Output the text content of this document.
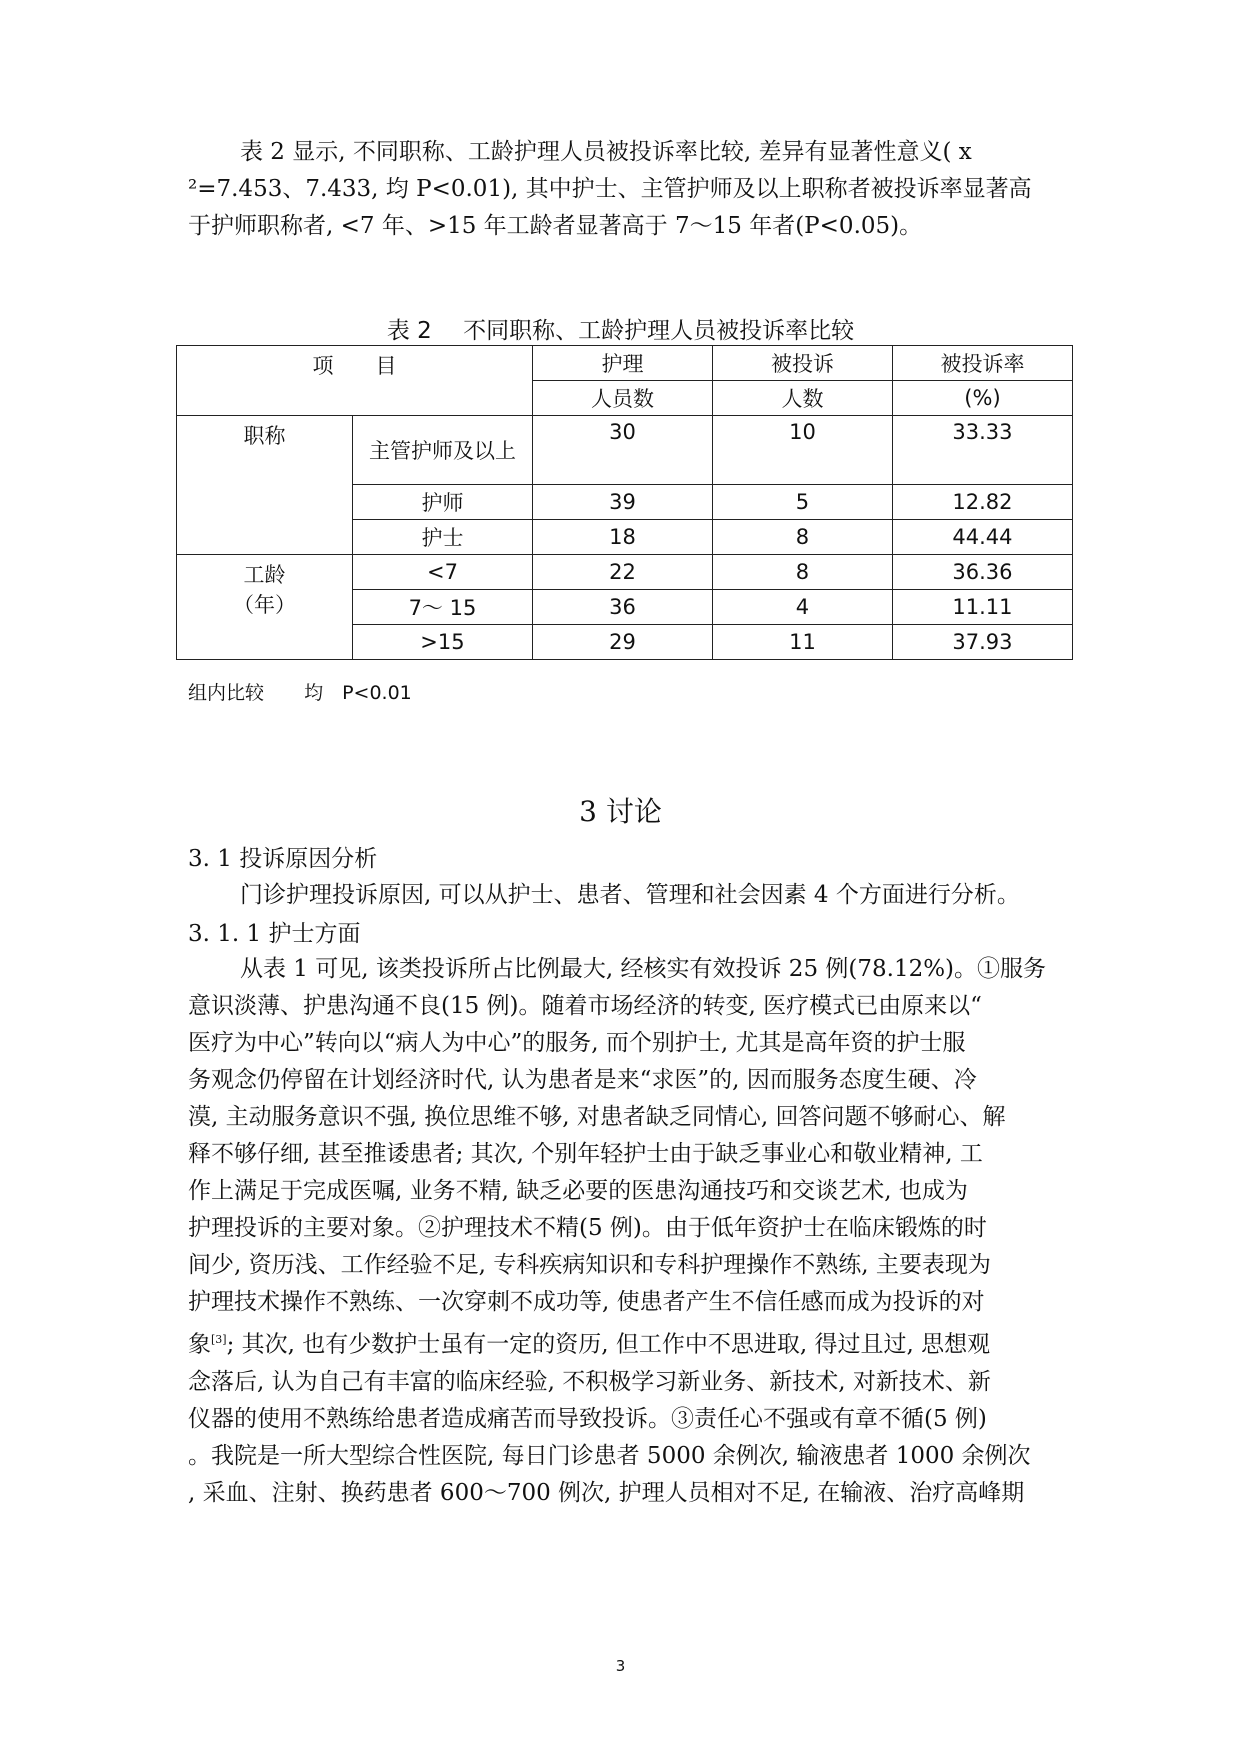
表 2 显示, 不同职称、工龄护理人员被投诉率比较, 差异有显著性意义( x
²=7.453、7.433, 均 P<0.01), 其中护士、主管护师及以上职称者被投诉率显著高
于护师职称者, <7 年、>15 年工龄者显著高于 7～15 年者(P<0.05)。
表 2 不同职称、工龄护理人员被投诉率比较
项　　目		护理	被投诉	被投诉率
		人员数	人数	(%)
职称	主管护师及以上	30	10	33.33
	护师	39	5	12.82
	护士	18	8	44.44

工龄
（年）	<7	22	8	36.36
	7～ 15	36	4	11.11
	>15	29	11	37.93
组内比较 均　P<0.01
3 讨论
3. 1 投诉原因分析
门诊护理投诉原因, 可以从护士、患者、管理和社会因素 4 个方面进行分析。
3. 1. 1 护士方面
从表 1 可见, 该类投诉所占比例最大, 经核实有效投诉 25 例(78.12%)。①服务
意识淡薄、护患沟通不良(15 例)。随着市场经济的转变, 医疗模式已由原来以“
医疗为中心”转向以“病人为中心”的服务, 而个别护士, 尤其是高年资的护士服
务观念仍停留在计划经济时代, 认为患者是来“求医”的, 因而服务态度生硬、冷
漠, 主动服务意识不强, 换位思维不够, 对患者缺乏同情心, 回答问题不够耐心、解
释不够仔细, 甚至推诿患者; 其次, 个别年轻护士由于缺乏事业心和敬业精神, 工
作上满足于完成医嘱, 业务不精, 缺乏必要的医患沟通技巧和交谈艺术, 也成为
护理投诉的主要对象。②护理技术不精(5 例)。由于低年资护士在临床锻炼的时
间少, 资历浅、工作经验不足, 专科疾病知识和专科护理操作不熟练, 主要表现为
护理技术操作不熟练、一次穿刺不成功等, 使患者产生不信任感而成为投诉的对
象[3]; 其次, 也有少数护士虽有一定的资历, 但工作中不思进取, 得过且过, 思想观
念落后, 认为自己有丰富的临床经验, 不积极学习新业务、新技术, 对新技术、新
仪器的使用不熟练给患者造成痛苦而导致投诉。③责任心不强或有章不循(5 例)
。我院是一所大型综合性医院, 每日门诊患者 5000 余例次, 输液患者 1000 余例次
, 采血、注射、换药患者 600～700 例次, 护理人员相对不足, 在输液、治疗高峰期
3
